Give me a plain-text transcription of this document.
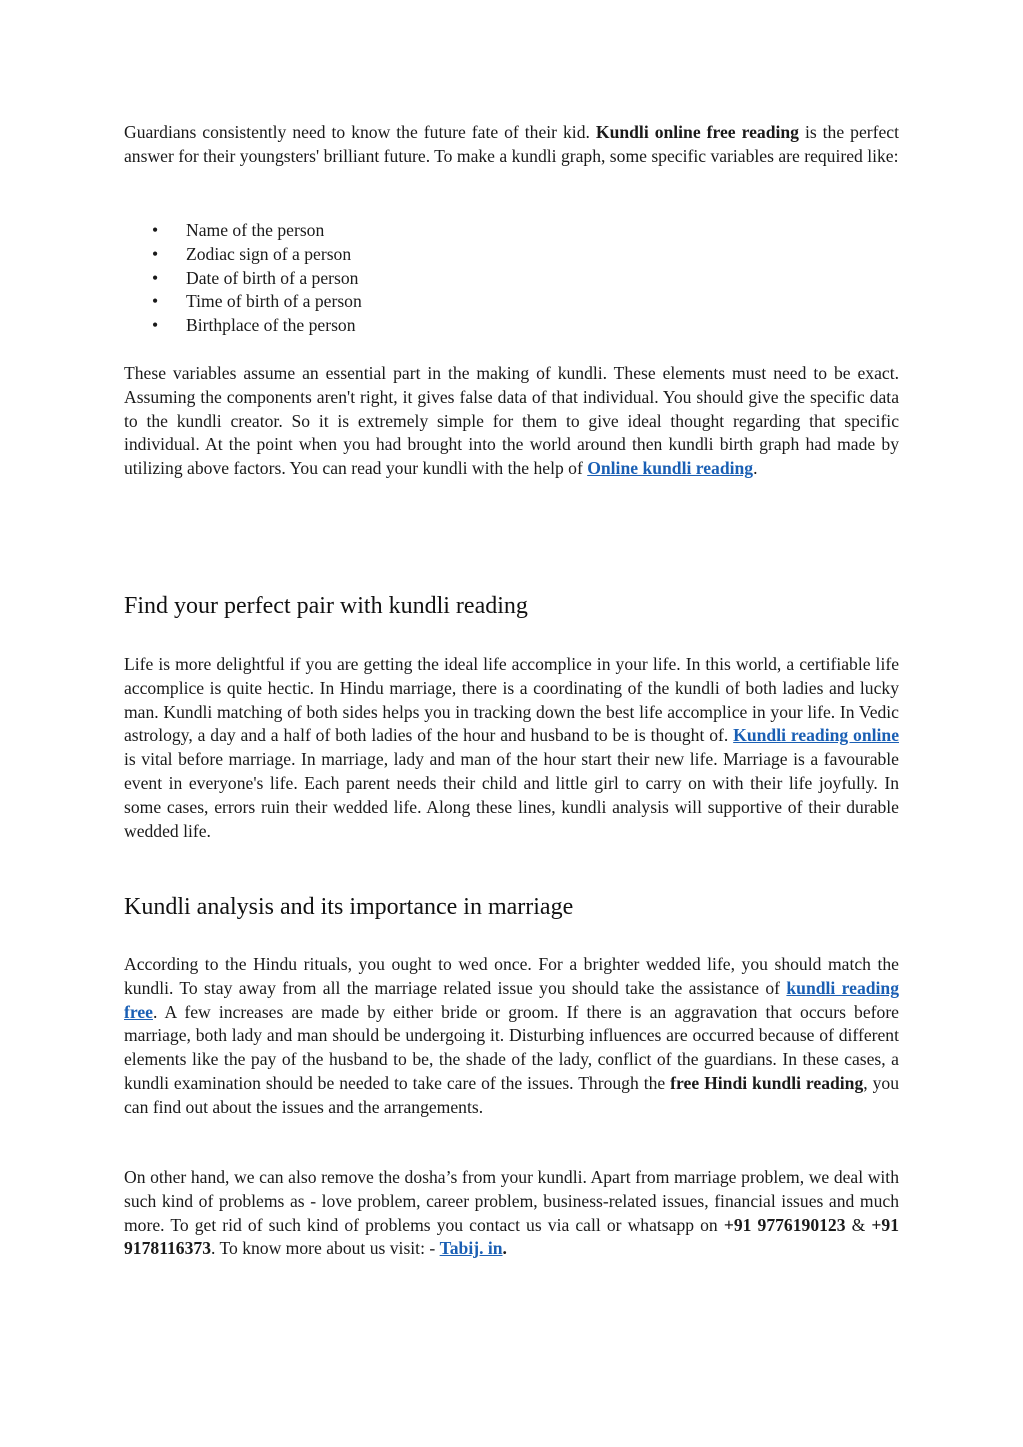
Guardians consistently need to know the future fate of their kid. Kundli online free reading is the perfect answer for their youngsters' brilliant future. To make a kundli graph, some specific variables are required like:

• Name of the person
• Zodiac sign of a person
• Date of birth of a person
• Time of birth of a person
• Birthplace of the person

These variables assume an essential part in the making of kundli. These elements must need to be exact. Assuming the components aren't right, it gives false data of that individual. You should give the specific data to the kundli creator. So it is extremely simple for them to give ideal thought regarding that specific individual. At the point when you had brought into the world around then kundli birth graph had made by utilizing above factors. You can read your kundli with the help of Online kundli reading.

Find your perfect pair with kundli reading

Life is more delightful if you are getting the ideal life accomplice in your life. In this world, a certifiable life accomplice is quite hectic. In Hindu marriage, there is a coordinating of the kundli of both ladies and lucky man. Kundli matching of both sides helps you in tracking down the best life accomplice in your life. In Vedic astrology, a day and a half of both ladies of the hour and husband to be is thought of. Kundli reading online is vital before marriage. In marriage, lady and man of the hour start their new life. Marriage is a favourable event in everyone's life. Each parent needs their child and little girl to carry on with their life joyfully. In some cases, errors ruin their wedded life. Along these lines, kundli analysis will supportive of their durable wedded life.

Kundli analysis and its importance in marriage

According to the Hindu rituals, you ought to wed once. For a brighter wedded life, you should match the kundli. To stay away from all the marriage related issue you should take the assistance of kundli reading free. A few increases are made by either bride or groom. If there is an aggravation that occurs before marriage, both lady and man should be undergoing it. Disturbing influences are occurred because of different elements like the pay of the husband to be, the shade of the lady, conflict of the guardians. In these cases, a kundli examination should be needed to take care of the issues. Through the free Hindi kundli reading, you can find out about the issues and the arrangements.

On other hand, we can also remove the dosha’s from your kundli. Apart from marriage problem, we deal with such kind of problems as - love problem, career problem, business-related issues, financial issues and much more. To get rid of such kind of problems you contact us via call or whatsapp on +91 9776190123 & +91 9178116373. To know more about us visit: - Tabij. in.
